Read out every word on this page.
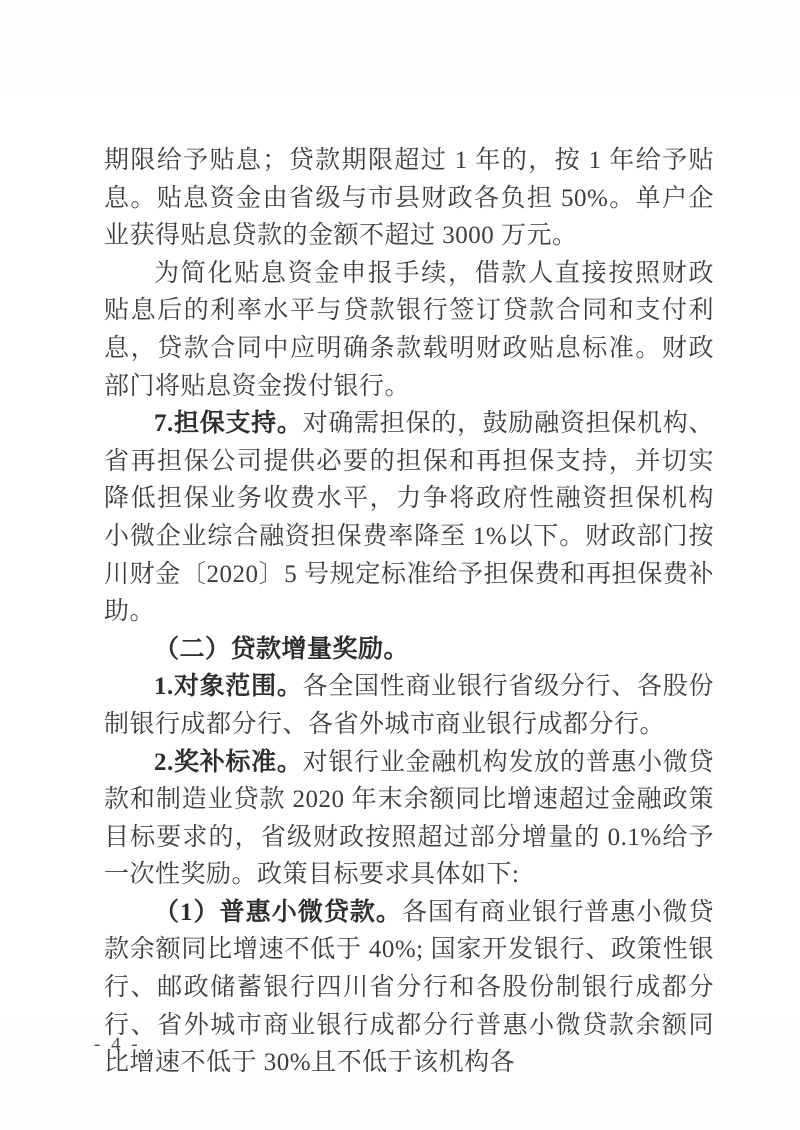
期限给予贴息；贷款期限超过 1 年的，按 1 年给予贴息。贴息资金由省级与市县财政各负担 50%。单户企业获得贴息贷款的金额不超过 3000 万元。

为简化贴息资金申报手续，借款人直接按照财政贴息后的利率水平与贷款银行签订贷款合同和支付利息，贷款合同中应明确条款载明财政贴息标准。财政部门将贴息资金拨付银行。

7.担保支持。对确需担保的，鼓励融资担保机构、省再担保公司提供必要的担保和再担保支持，并切实降低担保业务收费水平，力争将政府性融资担保机构小微企业综合融资担保费率降至 1%以下。财政部门按川财金〔2020〕5 号规定标准给予担保费和再担保费补助。

（二）贷款增量奖励。

1.对象范围。各全国性商业银行省级分行、各股份制银行成都分行、各省外城市商业银行成都分行。

2.奖补标准。对银行业金融机构发放的普惠小微贷款和制造业贷款 2020 年末余额同比增速超过金融政策目标要求的，省级财政按照超过部分增量的 0.1%给予一次性奖励。政策目标要求具体如下:

（1）普惠小微贷款。各国有商业银行普惠小微贷款余额同比增速不低于 40%; 国家开发银行、政策性银行、邮政储蓄银行四川省分行和各股份制银行成都分行、省外城市商业银行成都分行普惠小微贷款余额同比增速不低于 30%且不低于该机构各

- 4 -
